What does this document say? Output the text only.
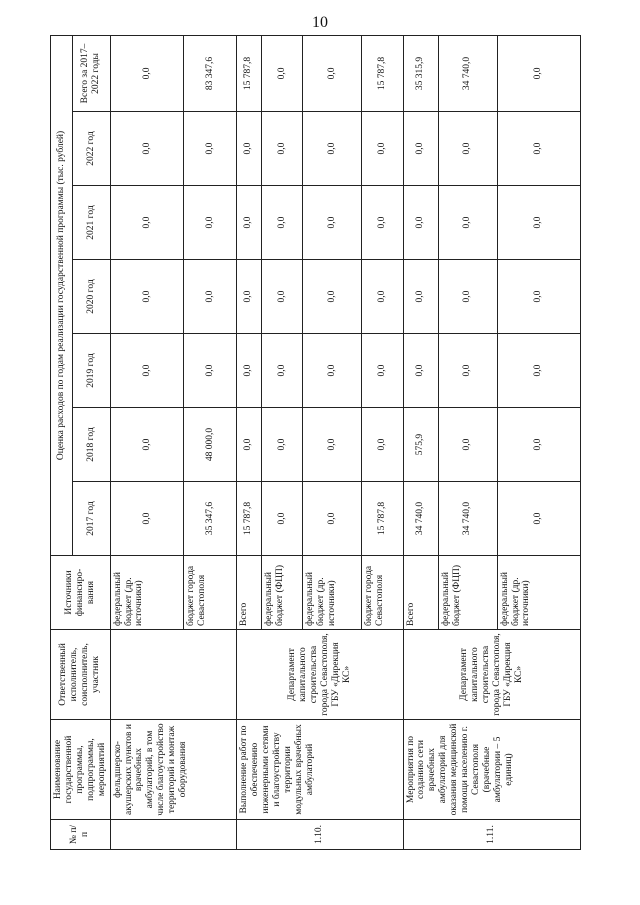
10
№ п/п	Наименование государственной программы, подпрограммы, мероприятий	Ответственный исполнитель, соисполнитель, участник	Источники финансиро-вания	Оценка расходов по годам реализации государственной программы (тыс. рублей)						
				2017 год	2018 год	2019 год	2020 год	2021 год	2022 год	Всего за 2017–2022 годы
	фельдшерско-акушерских пунктов и врачебных амбулаторий, в том числе благоустройство территорий и монтаж оборудования		федеральный бюджет (др. источники)	0,0	0,0	0,0	0,0	0,0	0,0	0,0
			бюджет города Севастополя	35 347,6	48 000,0	0,0	0,0	0,0	0,0	83 347,6
1.10.	Выполнение работ по обеспечению инженерными сетями и благоустройству территории модульных врачебных амбулаторий	Департамент капитального строительства города Севастополя, ГБУ «Дирекция КС»	Всего	15 787,8	0,0	0,0	0,0	0,0	0,0	15 787,8
			федеральный бюджет (ФЦП)	0,0	0,0	0,0	0,0	0,0	0,0	0,0
			федеральный бюджет (др. источники)	0,0	0,0	0,0	0,0	0,0	0,0	0,0
			бюджет города Севастополя	15 787,8	0,0	0,0	0,0	0,0	0,0	15 787,8
1.11.	Мероприятия по созданию сети врачебных амбулаторий для оказания медицинской помощи населению г. Севастополя (врачебные амбулатории – 5 единиц)	Департамент капитального строительства города Севастополя, ГБУ «Дирекция КС»	Всего	34 740,0	575,9	0,0	0,0	0,0	0,0	35 315,9
			федеральный бюджет (ФЦП)	34 740,0	0,0	0,0	0,0	0,0	0,0	34 740,0
			федеральный бюджет (др. источники)	0,0	0,0	0,0	0,0	0,0	0,0	0,0
